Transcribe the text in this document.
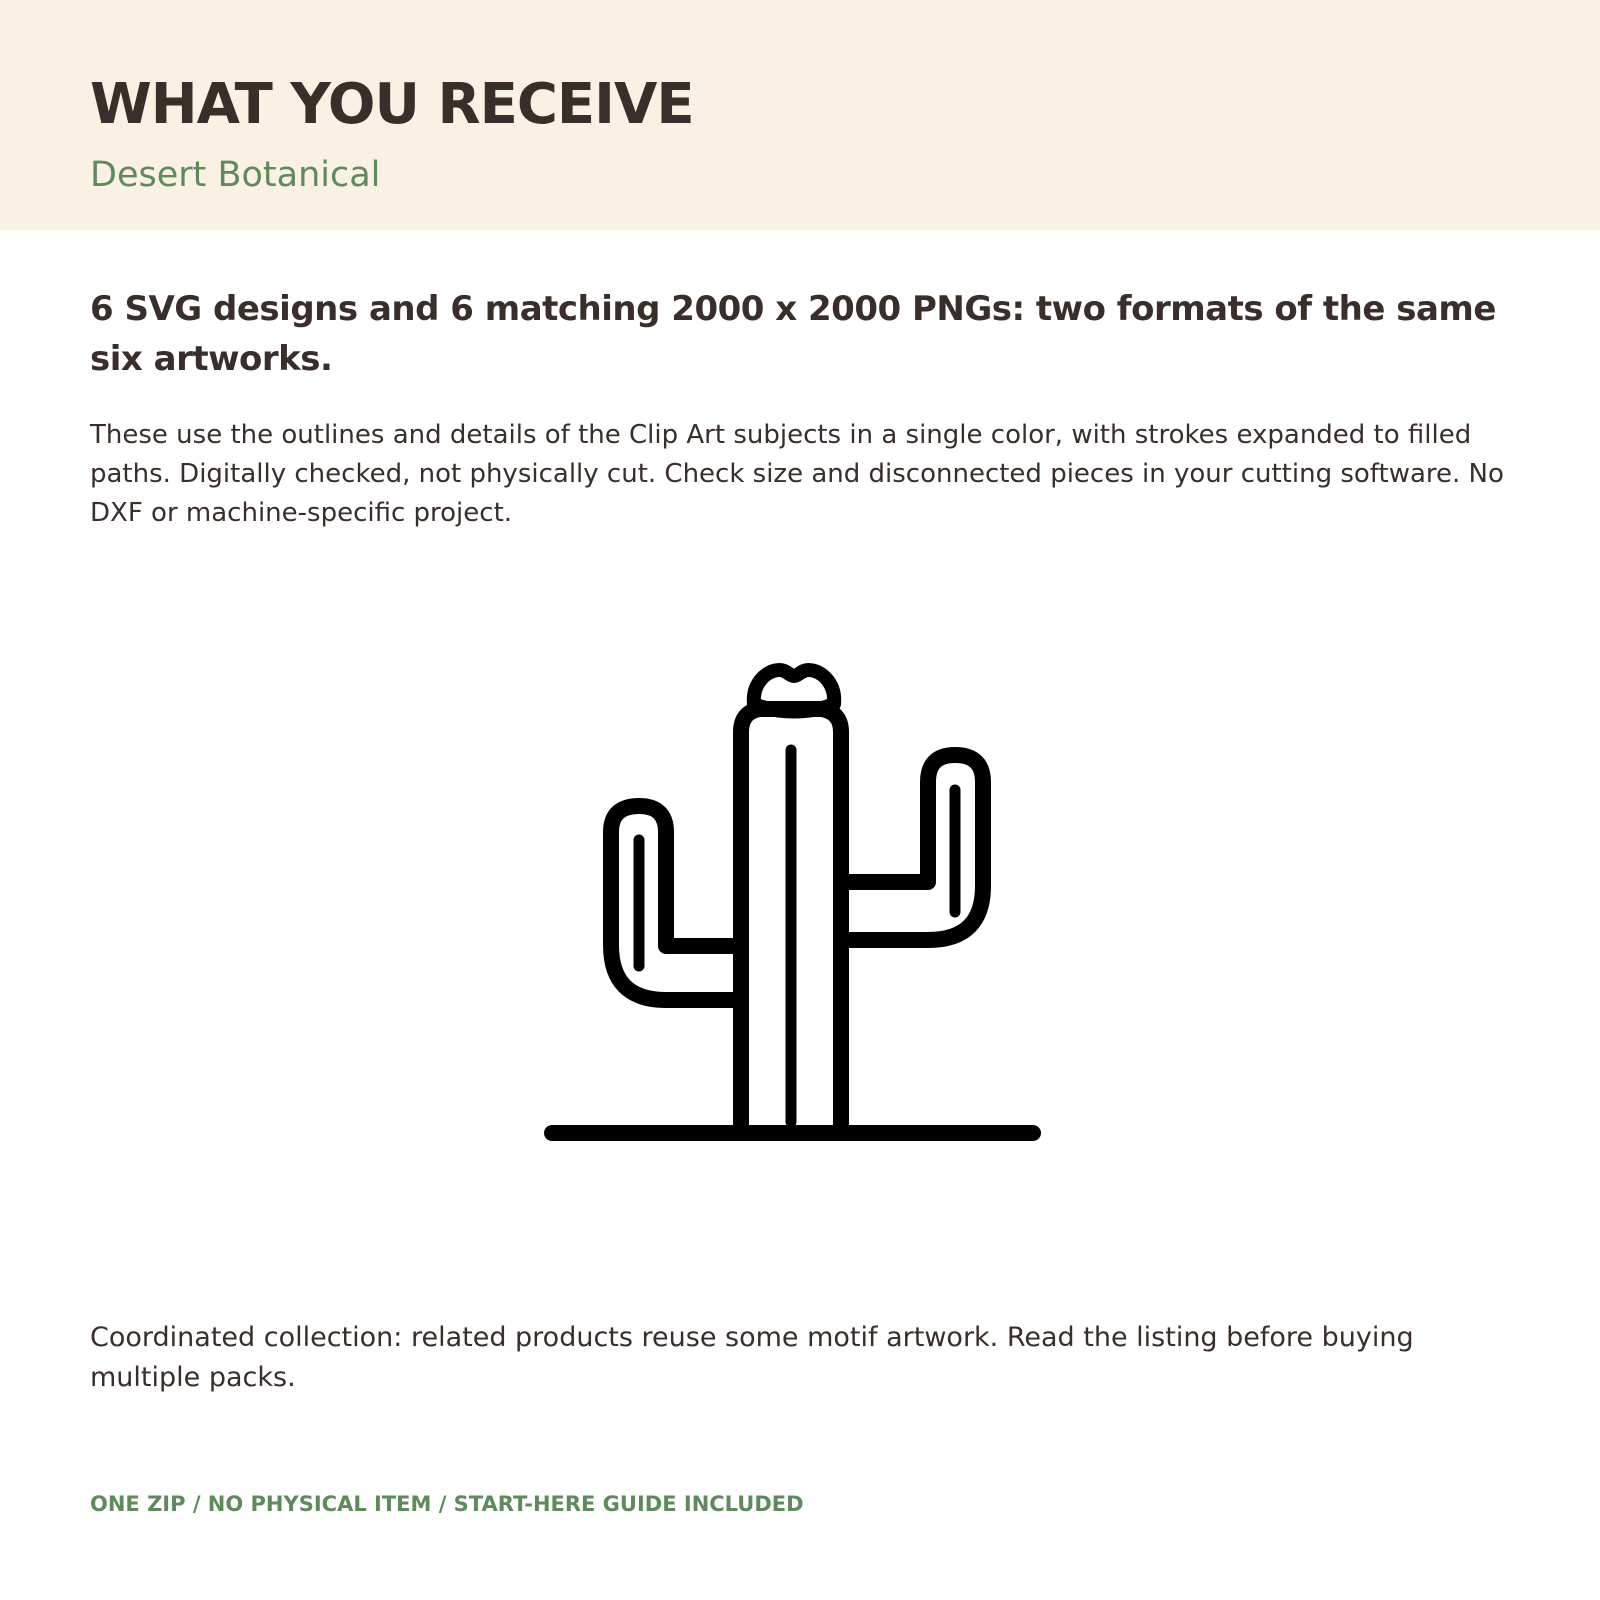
WHAT YOU RECEIVE

Desert Botanical

6 SVG designs and 6 matching 2000 x 2000 PNGs: two formats of the same six artworks.

These use the outlines and details of the Clip Art subjects in a single color, with strokes expanded to filled paths. Digitally checked, not physically cut. Check size and disconnected pieces in your cutting software. No DXF or machine-specific project.

Coordinated collection: related products reuse some motif artwork. Read the listing before buying multiple packs.

ONE ZIP / NO PHYSICAL ITEM / START-HERE GUIDE INCLUDED
